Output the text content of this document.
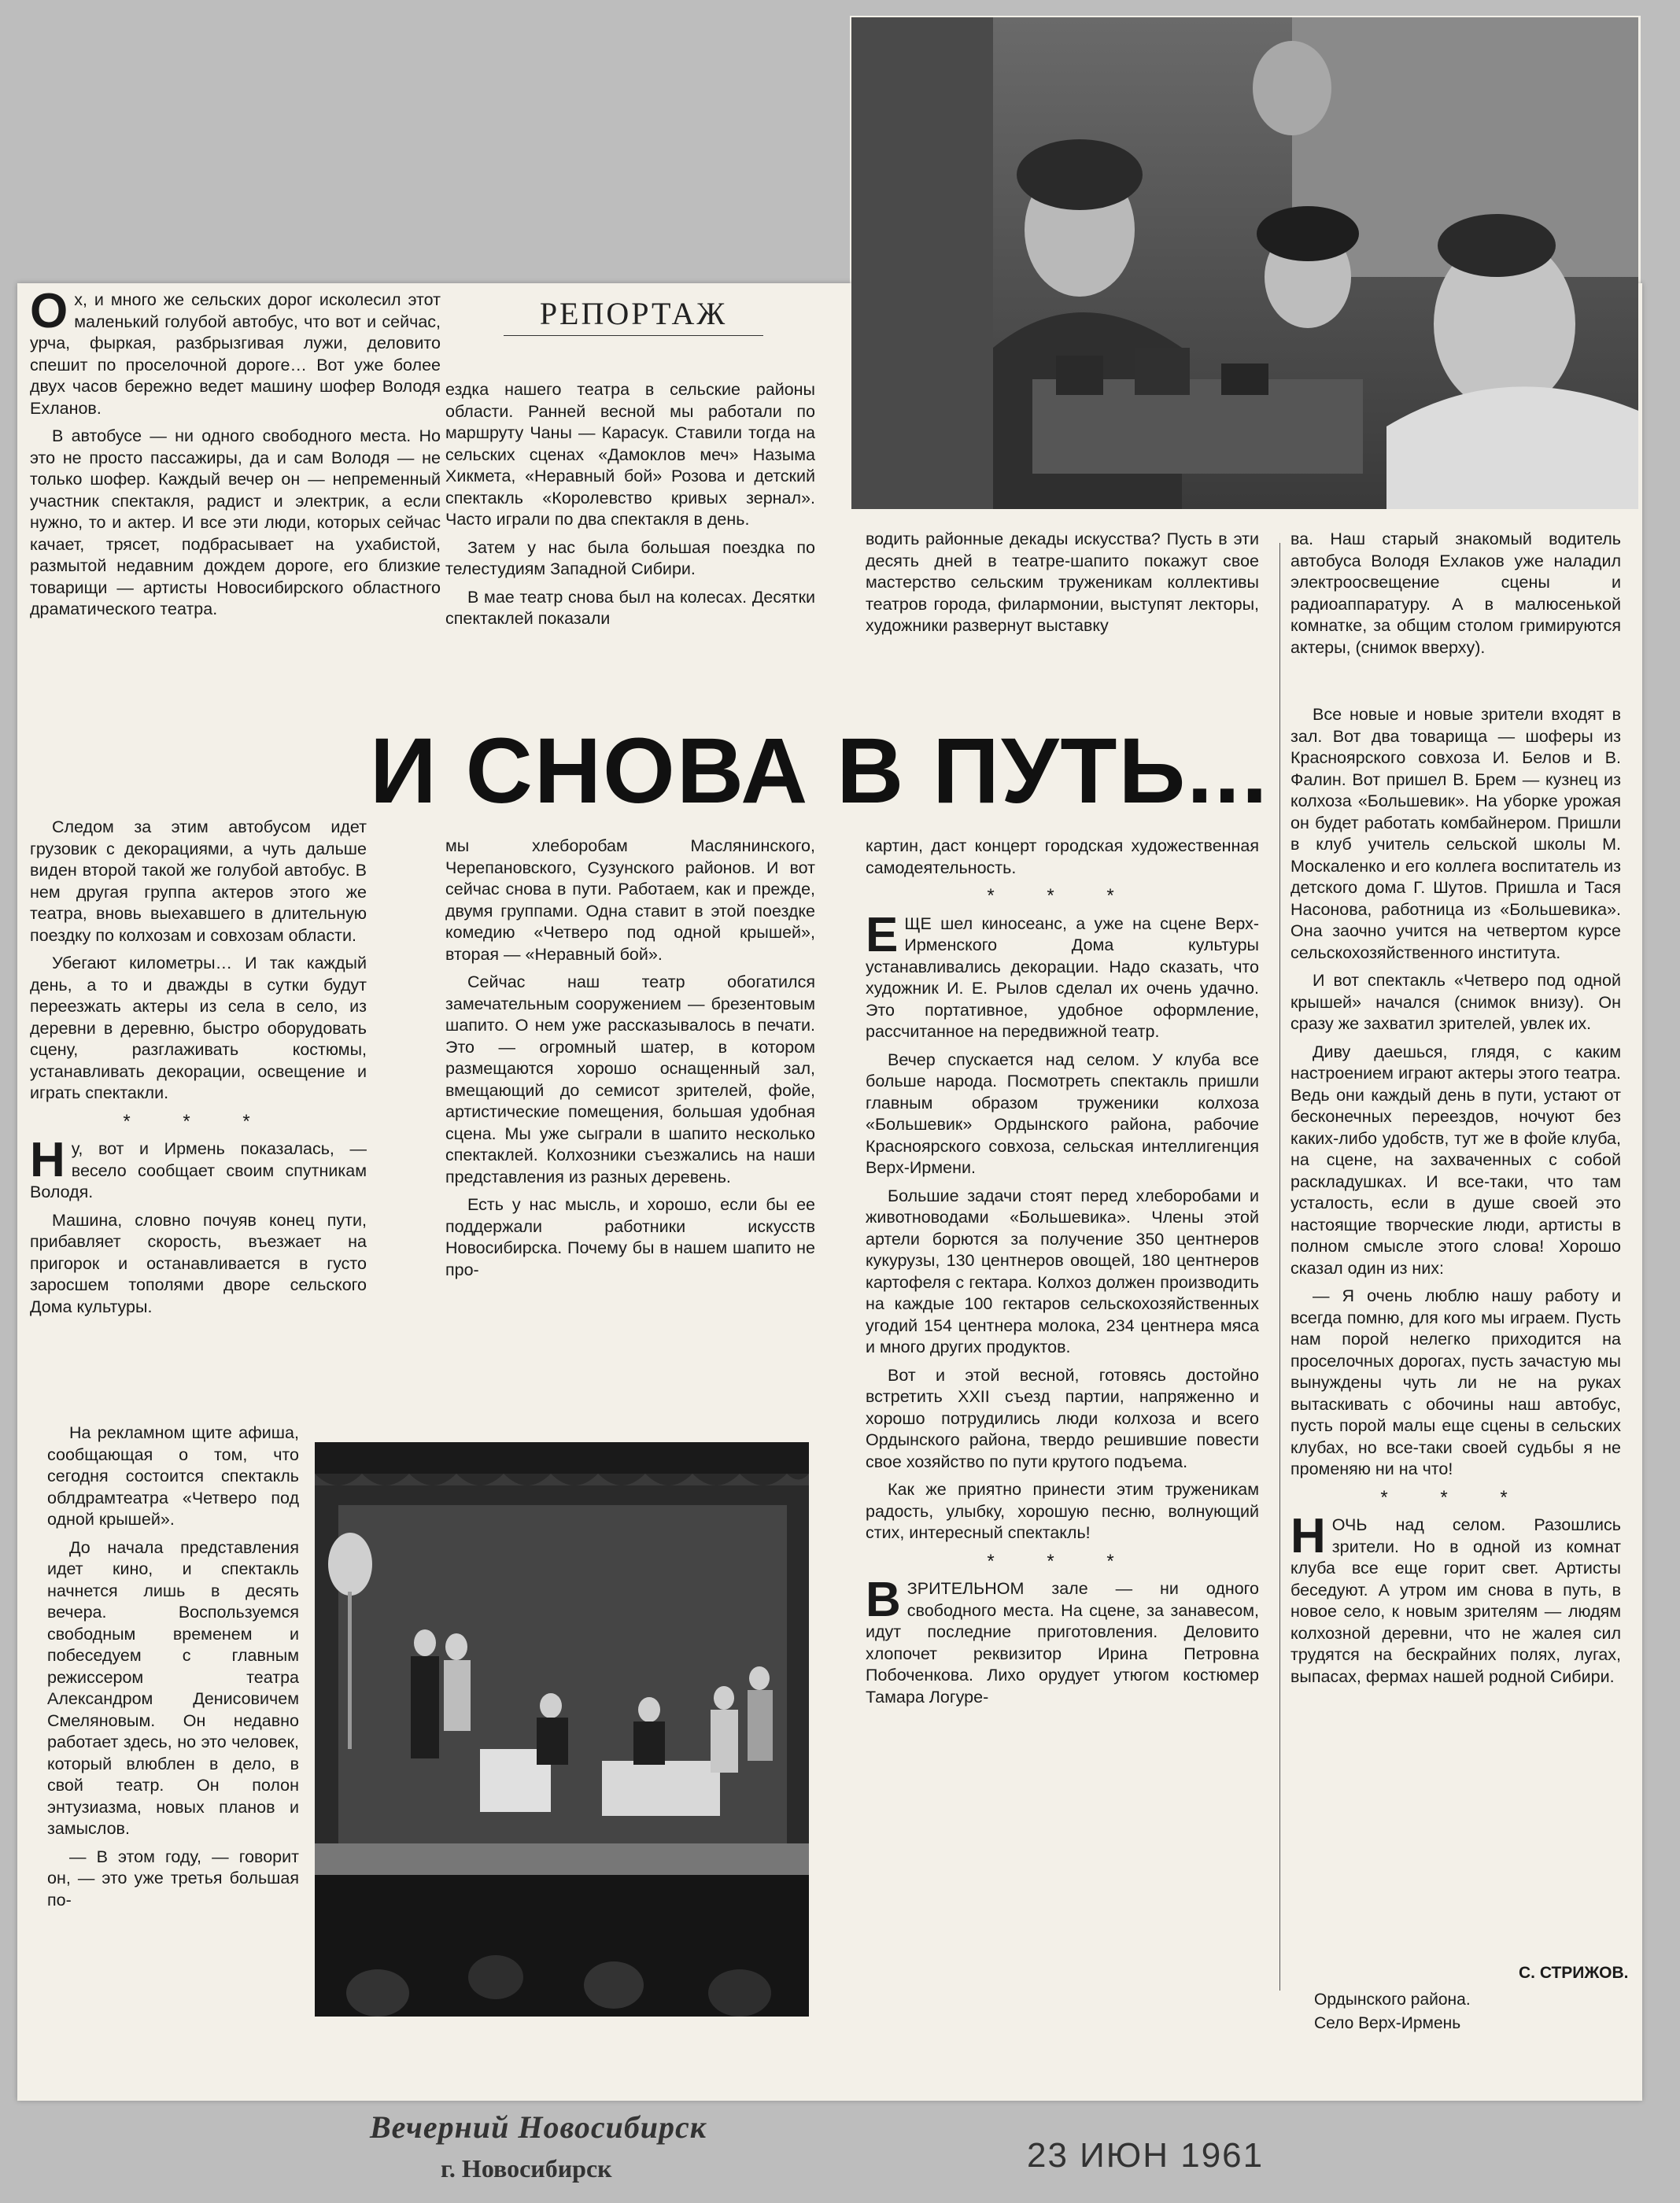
РЕПОРТАЖ
И СНОВА В ПУТЬ...

Ох, и много же сельских дорог исколесил этот маленький голубой автобус, что вот и сейчас, урча, фыркая, разбрызгивая лужи, деловито спешит по проселочной дороге… Вот уже более двух часов бережно ведет машину шофер Володя Ехланов.

В автобусе — ни одного свободного места. Но это не просто пассажиры, да и сам Володя — не только шофер. Каждый вечер он — непременный участник спектакля, радист и электрик, а если нужно, то и актер. И все эти люди, которых сейчас качает, трясет, подбрасывает на ухабистой, размытой недавним дождем дороге, его близкие товарищи — артисты Новосибирского областного драматического театра.

Следом за этим автобусом идет грузовик с декорациями, а чуть дальше виден второй такой же голубой автобус. В нем другая группа актеров этого же театра, вновь выехавшего в длительную поездку по колхозам и совхозам области.

Убегают километры… И так каждый день, а то и дважды в сутки будут переезжать актеры из села в село, из деревни в деревню, быстро оборудовать сцену, разглаживать костюмы, устанавливать декорации, освещение и играть спектакли.

* * *

Ну, вот и Ирмень показалась, — весело сообщает своим спутникам Володя.

Машина, словно почуяв конец пути, прибавляет скорость, въезжает на пригорок и останавливается в густо заросшем тополями дворе сельского Дома культуры.

На рекламном щите афиша, сообщающая о том, что сегодня состоится спектакль облдрамтеатра «Четверо под одной крышей».

До начала представления идет кино, и спектакль начнется лишь в десять вечера. Воспользуемся свободным временем и побеседуем с главным режиссером театра Александром Денисовичем Смеляновым. Он недавно работает здесь, но это человек, который влюблен в дело, в свой театр. Он полон энтузиазма, новых планов и замыслов.

— В этом году, — говорит он, — это уже третья большая по-

ездка нашего театра в сельские районы области. Ранней весной мы работали по маршруту Чаны — Карасук. Ставили тогда на сельских сценах «Дамоклов меч» Назыма Хикмета, «Неравный бой» Розова и детский спектакль «Королевство кривых зернал». Часто играли по два спектакля в день.

Затем у нас была большая поездка по телестудиям Западной Сибири.

В мае театр снова был на колесах. Десятки спектаклей показали

мы хлеборобам Маслянинского, Черепановского, Сузунского районов. И вот сейчас снова в пути. Работаем, как и прежде, двумя группами. Одна ставит в этой поездке комедию «Четверо под одной крышей», вторая — «Неравный бой».

Сейчас наш театр обогатился замечательным сооружением — брезентовым шапито. О нем уже рассказывалось в печати. Это — огромный шатер, в котором размещаются хорошо оснащенный зал, вмещающий до семисот зрителей, фойе, артистические помещения, большая удобная сцена. Мы уже сыграли в шапито несколько спектаклей. Колхозники съезжались на наши представления из разных деревень.

Есть у нас мысль, и хорошо, если бы ее поддержали работники искусств Новосибирска. Почему бы в нашем шапито не про-

водить районные декады искусства? Пусть в эти десять дней в театре-шапито покажут свое мастерство сельским труженикам коллективы театров города, филармонии, выступят лекторы, художники развернут выставку

картин, даст концерт городская художественная самодеятельность.

* * *

ЕЩЕ шел киносеанс, а уже на сцене Верх-Ирменского Дома культуры устанавливались декорации. Надо сказать, что художник И. Е. Рылов сделал их очень удачно. Это портативное, удобное оформление, рассчитанное на передвижной театр.

Вечер спускается над селом. У клуба все больше народа. Посмотреть спектакль пришли главным образом труженики колхоза «Большевик» Ордынского района, рабочие Красноярского совхоза, сельская интеллигенция Верх-Ирмени.

Большие задачи стоят перед хлеборобами и животноводами «Большевика». Члены этой артели борются за получение 350 центнеров кукурузы, 130 центнеров овощей, 180 центнеров картофеля с гектара. Колхоз должен производить на каждые 100 гектаров сельскохозяйственных угодий 154 центнера молока, 234 центнера мяса и много других продуктов.

Вот и этой весной, готовясь достойно встретить XXII съезд партии, напряженно и хорошо потрудились люди колхоза и всего Ордынского района, твердо решившие повести свое хозяйство по пути крутого подъема.

Как же приятно принести этим труженикам радость, улыбку, хорошую песню, волнующий стих, интересный спектакль!

* * *

ВЗРИТЕЛЬНОМ зале — ни одного свободного места. На сцене, за занавесом, идут последние приготовления. Деловито хлопочет реквизитор Ирина Петровна Побоченкова. Лихо орудует утюгом костюмер Тамара Логуре-

ва. Наш старый знакомый водитель автобуса Володя Ехлаков уже наладил электроосвещение сцены и радиоаппаратуру. А в малюсенькой комнатке, за общим столом гримируются актеры, (снимок вверху).

Все новые и новые зрители входят в зал. Вот два товарища — шоферы из Красноярского совхоза И. Белов и В. Фалин. Вот пришел В. Брем — кузнец из колхоза «Большевик». На уборке урожая он будет работать комбайнером. Пришли в клуб учитель сельской школы М. Москаленко и его коллега воспитатель из детского дома Г. Шутов. Пришла и Тася Насонова, работница из «Большевика». Она заочно учится на четвертом курсе сельскохозяйственного института.

И вот спектакль «Четверо под одной крышей» начался (снимок внизу). Он сразу же захватил зрителей, увлек их.

Диву даешься, глядя, с каким настроением играют актеры этого театра. Ведь они каждый день в пути, устают от бесконечных переездов, ночуют без каких-либо удобств, тут же в фойе клуба, на сцене, на захваченных с собой раскладушках. И все-таки, что там усталость, если в душе своей это настоящие творческие люди, артисты в полном смысле этого слова! Хорошо сказал один из них:

— Я очень люблю нашу работу и всегда помню, для кого мы играем. Пусть нам порой нелегко приходится на проселочных дорогах, пусть зачастую мы вынуждены чуть ли не на руках вытаскивать с обочины наш автобус, пусть порой малы еще сцены в сельских клубах, но все-таки своей судьбы я не променяю ни на что!

* * *

НОЧЬ над селом. Разошлись зрители. Но в одной из комнат клуба все еще горит свет. Артисты беседуют. А утром им снова в путь, в новое село, к новым зрителям — людям колхозной деревни, что не жалея сил трудятся на бескрайних полях, лугах, выпасах, фермах нашей родной Сибири.

С. СТРИЖОВ.
Ордынского района.
Село Верх-Ирмень
Вечерний Новосибирск
г. Новосибирск	23 ИЮН 1961
